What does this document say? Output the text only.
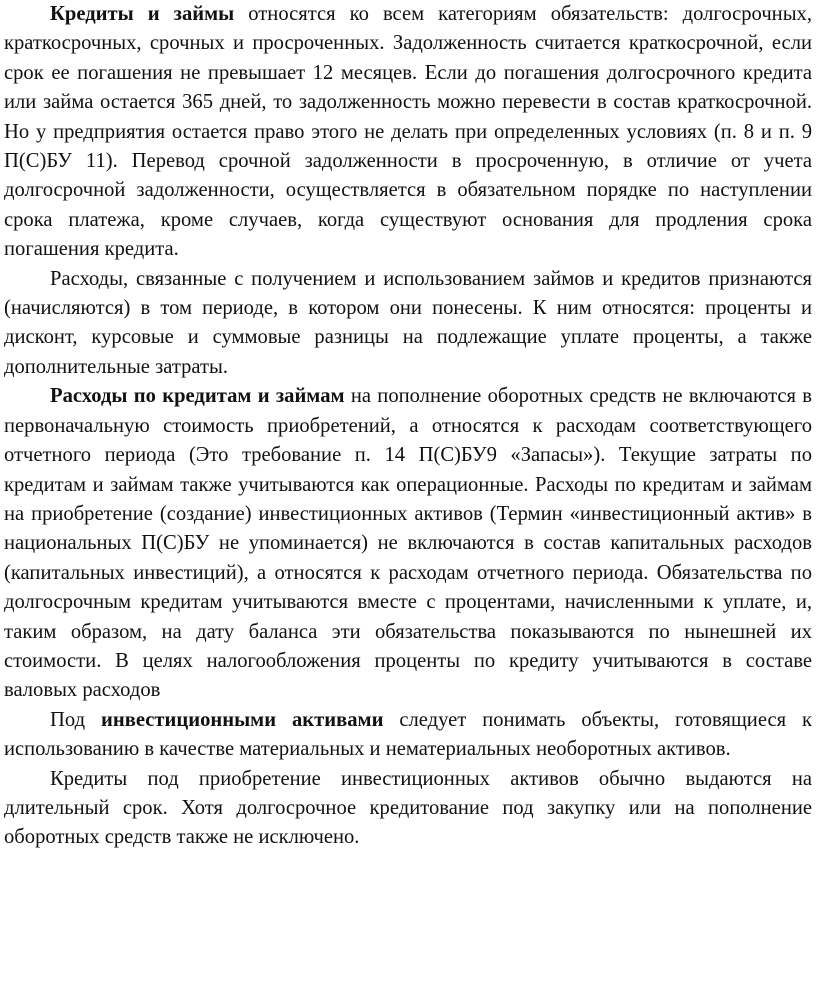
Кредиты и займы относятся ко всем категориям обязательств: долгосрочных, краткосрочных, срочных и просроченных. Задолженность считается краткосрочной, если срок ее погашения не превышает 12 месяцев. Если до погашения долгосрочного кредита или займа остается 365 дней, то задолженность можно перевести в состав краткосрочной. Но у предприятия остается право этого не делать при определенных условиях (п. 8 и п. 9 П(С)БУ 11). Перевод срочной задолженности в просроченную, в отличие от учета долгосрочной задолженности, осуществляется в обязательном порядке по наступлении срока платежа, кроме случаев, когда существуют основания для продления срока погашения кредита.

Расходы, связанные с получением и использованием займов и кредитов признаются (начисляются) в том периоде, в котором они понесены. К ним относятся: проценты и дисконт, курсовые и суммовые разницы на подлежащие уплате проценты, а также дополнительные затраты.

Расходы по кредитам и займам на пополнение оборотных средств не включаются в первоначальную стоимость приобретений, а относятся к расходам соответствующего отчетного периода (Это требование п. 14 П(С)БУ9 «Запасы»). Текущие затраты по кредитам и займам также учитываются как операционные. Расходы по кредитам и займам на приобретение (создание) инвестиционных активов (Термин «инвестиционный актив» в национальных П(С)БУ не упоминается) не включаются в состав капитальных расходов (капитальных инвестиций), а относятся к расходам отчетного периода. Обязательства по долгосрочным кредитам учитываются вместе с процентами, начисленными к уплате, и, таким образом, на дату баланса эти обязательства показываются по нынешней их стоимости. В целях налогообложения проценты по кредиту учитываются в составе валовых расходов

Под инвестиционными активами следует понимать объекты, готовящиеся к использованию в качестве материальных и нематериальных необоротных активов.

Кредиты под приобретение инвестиционных активов обычно выдаются на длительный срок. Хотя долгосрочное кредитование под закупку или на пополнение оборотных средств также не исключено.
